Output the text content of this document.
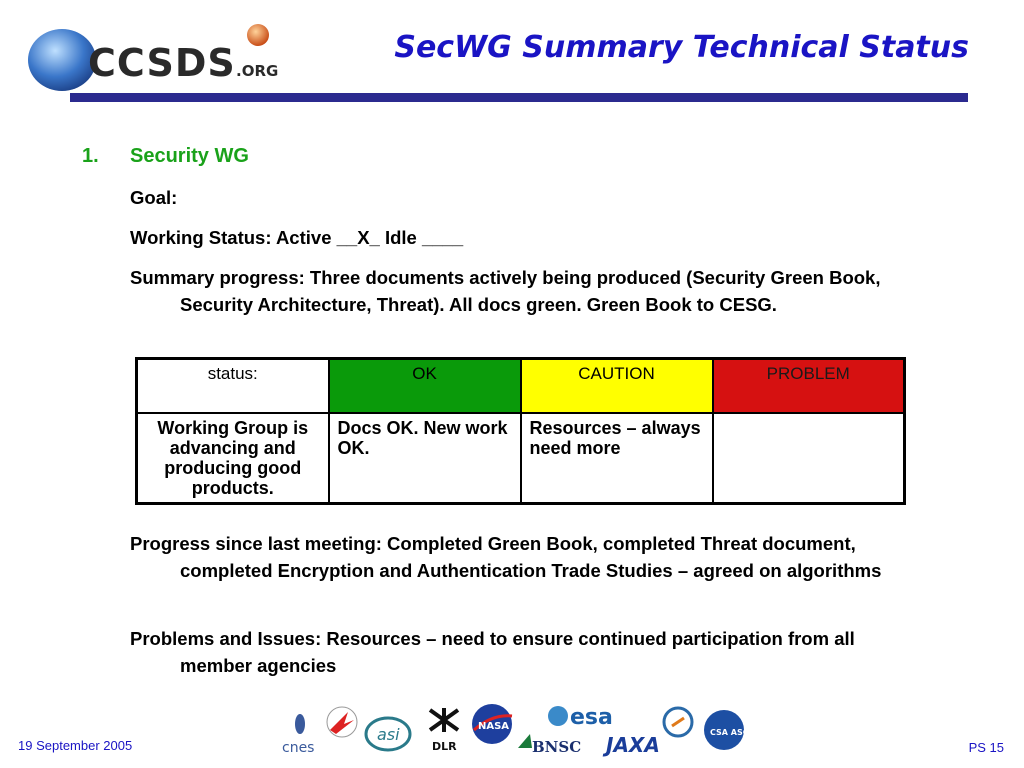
CCSDS .ORG
SecWG Summary Technical Status
1.	Security WG
Goal:
Working Status: Active __X_ Idle ____
Summary progress: Three documents actively being produced (Security Green Book, Security Architecture, Threat). All docs green. Green Book to CESG.
status:	OK	CAUTION	PROBLEM
Working Group is advancing and producing good products.	Docs OK. New work OK.	Resources – always need more	
Progress since last meeting: Completed Green Book, completed Threat document, completed Encryption and Authentication Trade Studies – agreed on algorithms
Problems and Issues: Resources – need to ensure continued participation from all member agencies
19 September 2005	cnes
asi
DLR
NASA	esa
BNSC JAXA
CSA ASC
PS 15
